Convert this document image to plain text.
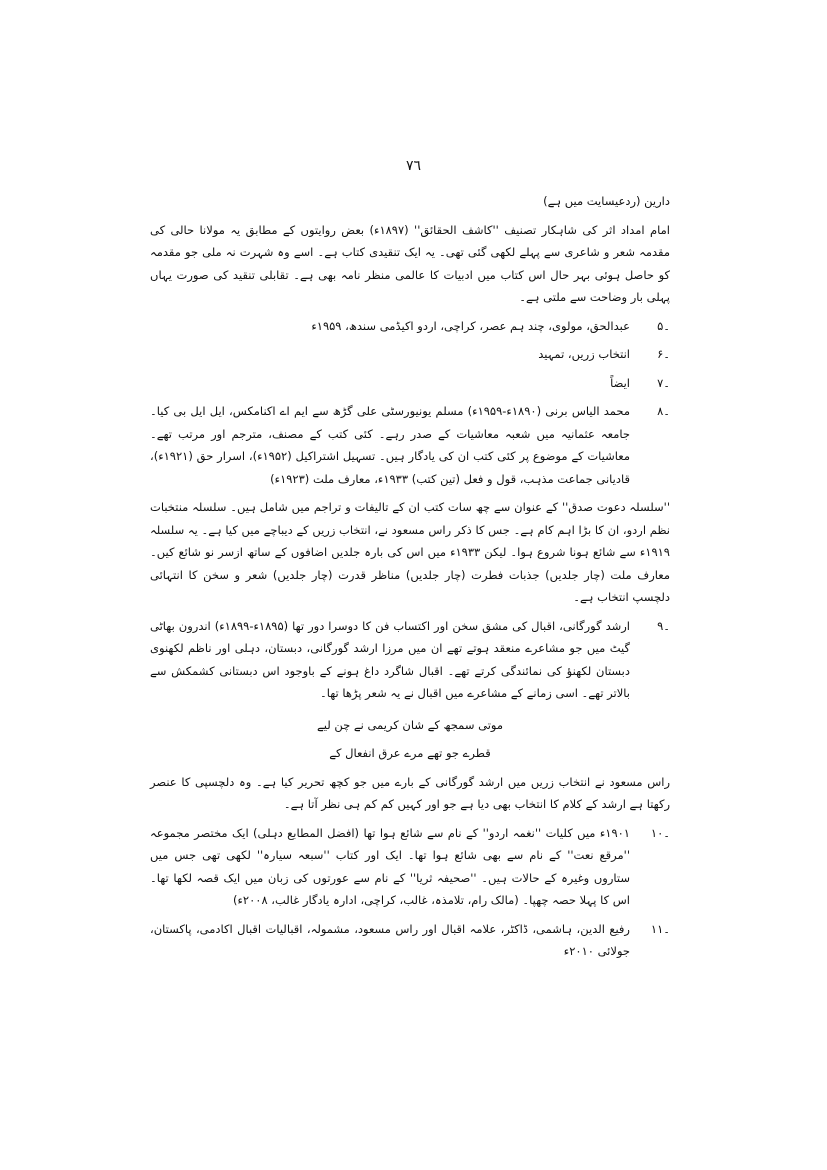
٧٦

دارین (ردعیسایت میں ہے)

امام امداد اثر کی شاہکار تصنیف ''کاشف الحقائق'' (۱۸۹۷ء) بعض روایتوں کے مطابق یہ مولانا حالی کی مقدمہ شعر و شاعری سے پہلے لکھی گئی تھی۔ یہ ایک تنقیدی کتاب ہے۔ اسے وہ شہرت نہ ملی جو مقدمہ کو حاصل ہوئی بہر حال اس کتاب میں ادبیات کا عالمی منظر نامہ بھی ہے۔ تقابلی تنقید کی صورت یہاں پہلی بار وضاحت سے ملتی ہے۔

۵۔
عبدالحق، مولوی، چند ہم عصر، کراچی، اردو اکیڈمی سندھ، ۱۹۵۹ء
۶۔
انتخاب زریں، تمہید
۷۔
ایضاً
۸۔
محمد الیاس برنی (۱۸۹۰ء-۱۹۵۹ء) مسلم یونیورسٹی علی گڑھ سے ایم اے اکنامکس، ایل ایل بی کیا۔ جامعہ عثمانیہ میں شعبہ معاشیات کے صدر رہے۔ کئی کتب کے مصنف، مترجم اور مرتب تھے۔ معاشیات کے موضوع پر کئی کتب ان کی یادگار ہیں۔ تسہیل اشتراکیل (۱۹۵۲ء)، اسرار حق (۱۹۲۱ء)، قادیانی جماعت مذہب، قول و فعل (تین کتب) ۱۹۳۳ء، معارف ملت (۱۹۲۳ء)

''سلسلہ دعوت صدق'' کے عنوان سے چھ سات کتب ان کے تالیفات و تراجم میں شامل ہیں۔ سلسلہ منتخبات نظم اردو، ان کا بڑا اہم کام ہے۔ جس کا ذکر راس مسعود نے، انتخاب زریں کے دیباچے میں کیا ہے۔ یہ سلسلہ ۱۹۱۹ء سے شائع ہونا شروع ہوا۔ لیکن ۱۹۳۳ء میں اس کی بارہ جلدیں اضافوں کے ساتھ ازسر نو شائع کیں۔ معارف ملت (چار جلدیں) جذبات فطرت (چار جلدیں) مناظر قدرت (چار جلدیں) شعر و سخن کا انتہائی دلچسپ انتخاب ہے۔

۹۔
ارشد گورگانی، اقبال کی مشق سخن اور اکتساب فن کا دوسرا دور تھا (۱۸۹۵ء-۱۸۹۹ء) اندرون بھاٹی گیٹ میں جو مشاعرے منعقد ہوتے تھے ان میں مرزا ارشد گورگانی، دبستان، دہلی اور ناظم لکھنوی دبستان لکھنؤ کی نمائندگی کرتے تھے۔ اقبال شاگرد داغ ہونے کے باوجود اس دبستانی کشمکش سے بالاتر تھے۔ اسی زمانے کے مشاعرے میں اقبال نے یہ شعر پڑھا تھا۔
موتی سمجھ کے شان کریمی نے چن لیے
قطرے جو تھے مرے عرق انفعال کے

راس مسعود نے انتخاب زریں میں ارشد گورگانی کے بارے میں جو کچھ تحریر کیا ہے۔ وہ دلچسپی کا عنصر رکھتا ہے ارشد کے کلام کا انتخاب بھی دیا ہے جو اور کہیں کم کم ہی نظر آتا ہے۔

۱۰۔
۱۹۰۱ء میں کلیات ''نغمہ اردو'' کے نام سے شائع ہوا تھا (افضل المطابع دہلی) ایک مختصر مجموعہ ''مرقع نعت'' کے نام سے بھی شائع ہوا تھا۔ ایک اور کتاب ''سبعہ سیارہ'' لکھی تھی جس میں ستاروں وغیرہ کے حالات ہیں۔ ''صحیفہ ثریا'' کے نام سے عورتوں کی زبان میں ایک قصہ لکھا تھا۔ اس کا پہلا حصہ چھپا۔ (مالک رام، تلامذہ، غالب، کراچی، ادارہ یادگار غالب، ۲۰۰۸ء)
۱۱۔
رفیع الدین، ہاشمی، ڈاکٹر، علامہ اقبال اور راس مسعود، مشمولہ، اقبالیات اقبال اکادمی، پاکستان، جولائی ۲۰۱۰ء
